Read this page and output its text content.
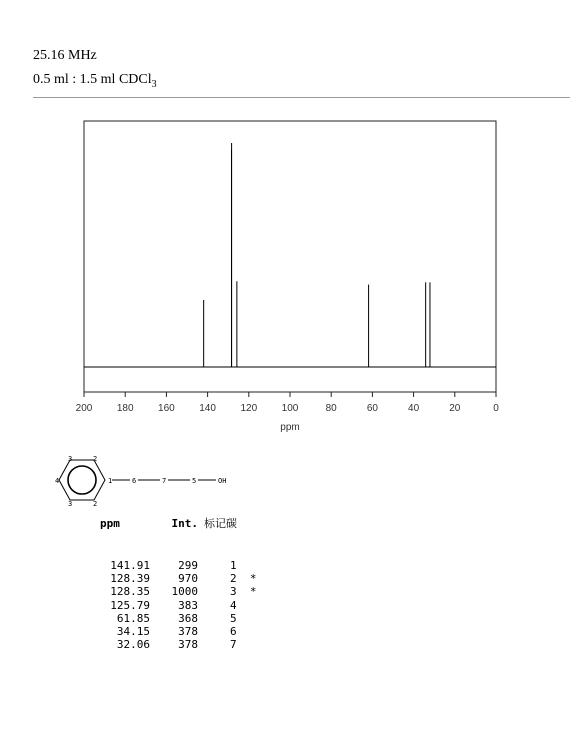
25.16 MHz
0.5 ml : 1.5 ml CDCl$_3$
200 180 160 140 120 100	80	60	40	20	0
ppm
1
2
3
4
3	2
6	7	5	OH
ppm	Int.		标记碳

141.91	299		1
128.39	970		2 *
128.35	1000		3 *
125.79	383		4
61.85	368		5
34.15	378		6
32.06	378		7
